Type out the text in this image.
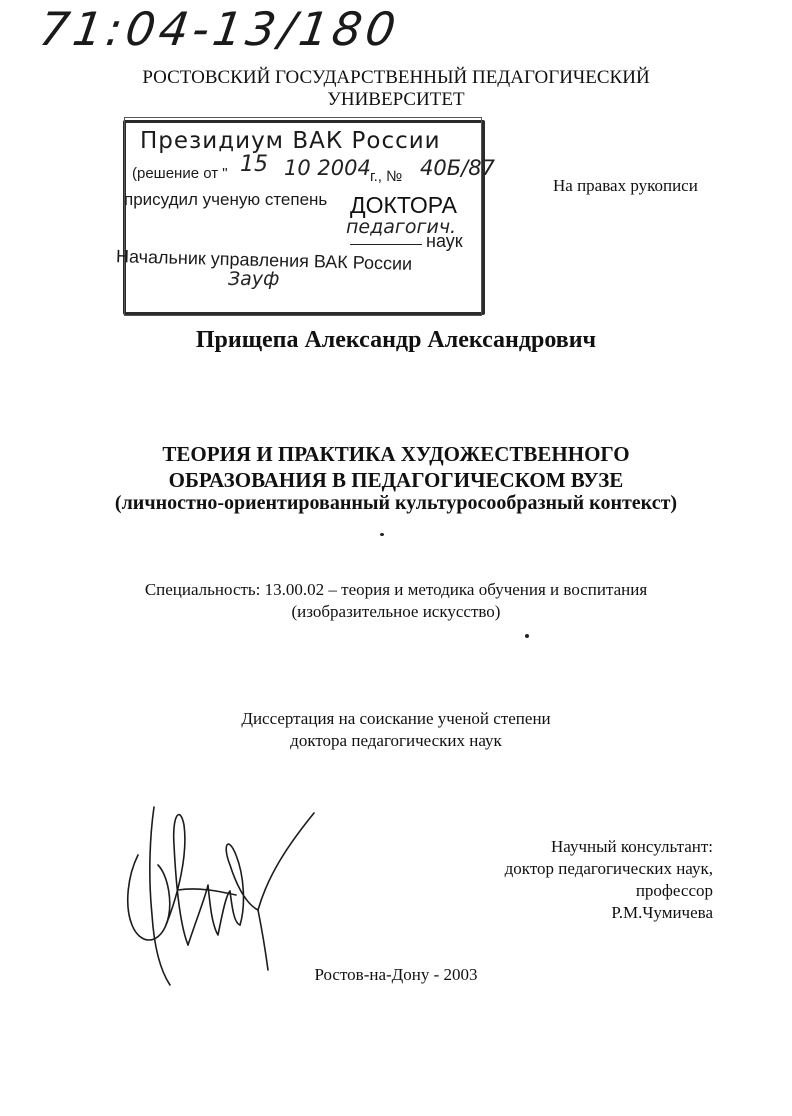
71:04-13/180
РОСТОВСКИЙ ГОСУДАРСТВЕННЫЙ ПЕДАГОГИЧЕСКИЙ
УНИВЕРСИТЕТ
Президиум ВАК России
(решение от " 15 10 2004 г., № 40Б/87
присудил ученую степень ДОКТОРА
педагогич.
наук
Начальник управления ВАК России
Зауф
На правах рукописи
Прищепа Александр Александрович
ТЕОРИЯ И ПРАКТИКА ХУДОЖЕСТВЕННОГО
ОБРАЗОВАНИЯ В ПЕДАГОГИЧЕСКОМ ВУЗЕ
(личностно-ориентированный культуросообразный контекст)
Специальность: 13.00.02 – теория и методика обучения и воспитания
(изобразительное искусство)
Диссертация на соискание ученой степени
доктора педагогических наук
Научный консультант:
доктор педагогических наук,
профессор
Р.М.Чумичева
Ростов-на-Дону - 2003
